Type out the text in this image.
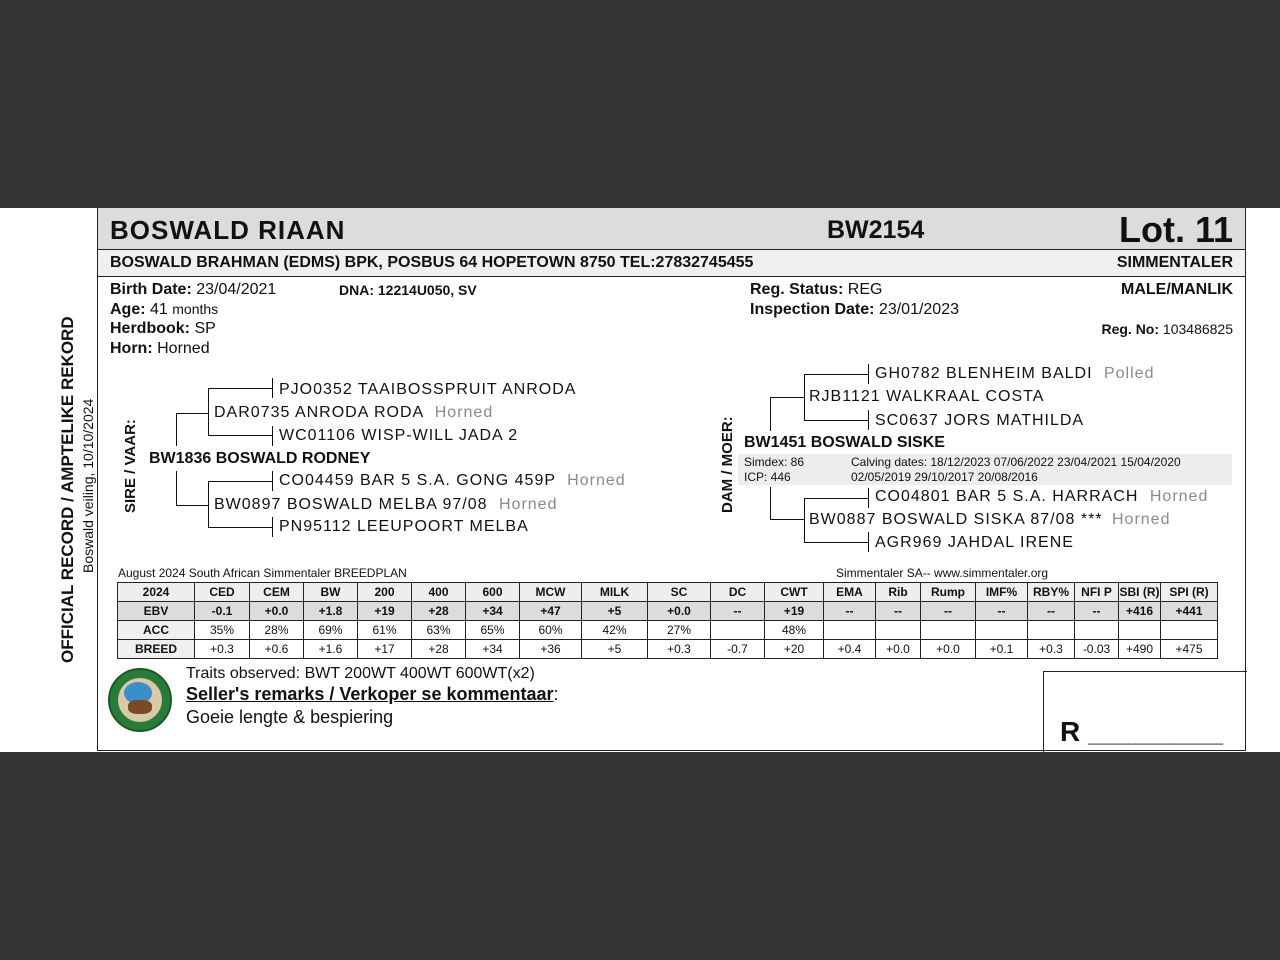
OFFICIAL RECORD / AMPTELIKE REKORD Boswald veiling, 10/10/2024
BOSWALD RIAAN	BW2154	Lot. 11
BOSWALD BRAHMAN (EDMS) BPK, POSBUS 64 HOPETOWN 8750 TEL:27832745455	SIMMENTALER
Birth Date: 23/04/2021	DNA: 12214U050, SV
Age: 41 months
Herdbook: SP
Horn: Horned
Reg. Status: REG
Inspection Date: 23/01/2023
MALE/MANLIK
Reg. No: 103486825
SIRE / VAAR: BW1836 BOSWALD RODNEY
DAR0735 ANRODA RODA Horned
PJO0352 TAAIBOSSPRUIT ANRODA
WC01106 WISP-WILL JADA 2
BW0897 BOSWALD MELBA 97/08 Horned
CO04459 BAR 5 S.A. GONG 459P Horned
PN95112 LEEUPOORT MELBA
DAM / MOER: BW1451 BOSWALD SISKE
Simdex: 86
ICP: 446
Calving dates: 18/12/2023 07/06/2022 23/04/2021 15/04/2020
02/05/2019 29/10/2017 20/08/2016
RJB1121 WALKRAAL COSTA
GH0782 BLENHEIM BALDI Polled
SC0637 JORS MATHILDA
BW0887 BOSWALD SISKA 87/08 *** Horned
CO04801 BAR 5 S.A. HARRACH Horned
AGR969 JAHDAL IRENE
August 2024 South African Simmentaler BREEDPLAN	Simmentaler SA-- www.simmentaler.org
2024	CED	CEM	BW	200	400	600	MCW	MILK	SC	DC	CWT	EMA	Rib	Rump	IMF%	RBY%	NFI P	SBI (R)	SPI (R)
EBV	-0.1	+0.0	+1.8	+19	+28	+34	+47	+5	+0.0	--	+19	--	--	--	--	--	--	+416	+441
ACC	35%	28%	69%	61%	63%	65%	60%	42%	27%		48%								
BREED	+0.3	+0.6	+1.6	+17	+28	+34	+36	+5	+0.3	-0.7	+20	+0.4	+0.0	+0.0	+0.1	+0.3	-0.03	+490	+475
Traits observed: BWT 200WT 400WT 600WT(x2)
Seller's remarks / Verkoper se kommentaar:
Goeie lengte & bespiering	R ____________________
